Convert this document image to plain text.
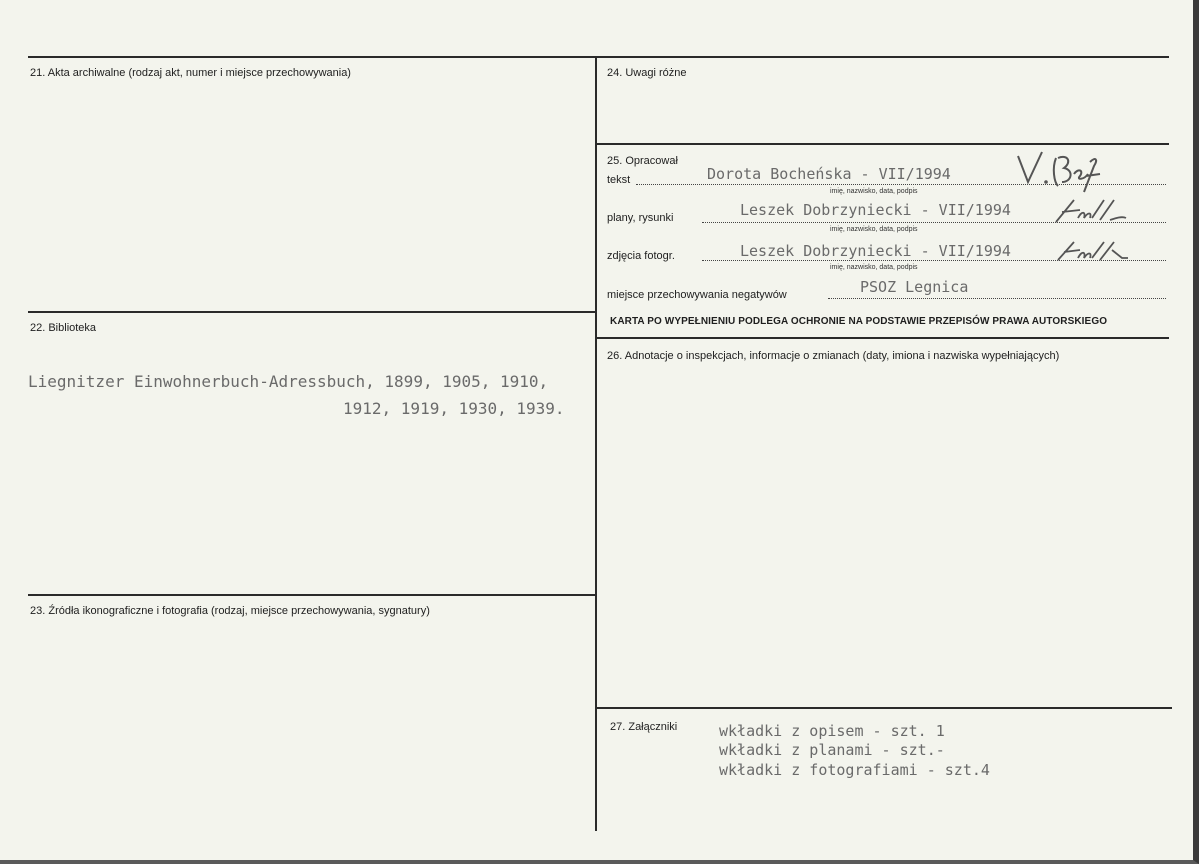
21. Akta archiwalne (rodzaj akt, numer i miejsce przechowywania)
22. Biblioteka
Liegnitzer Einwohnerbuch-Adressbuch, 1899, 1905, 1910,
1912, 1919, 1930, 1939.
23. Źródła ikonograficzne i fotografia (rodzaj, miejsce przechowywania, sygnatury)
24. Uwagi różne
25. Opracował
tekst	Dorota Bocheńska - VII/1994
imię, nazwisko, data, podpis
plany, rysunki	Leszek Dobrzyniecki - VII/1994
imię, nazwisko, data, podpis
zdjęcia fotogr.	Leszek Dobrzyniecki - VII/1994
imię, nazwisko, data, podpis
miejsce przechowywania negatywów	PSOZ Legnica
KARTA PO WYPEŁNIENIU PODLEGA OCHRONIE NA PODSTAWIE PRZEPISÓW PRAWA AUTORSKIEGO
26. Adnotacje o inspekcjach, informacje o zmianach (daty, imiona i nazwiska wypełniających)
27. Załączniki	wkładki z opisem - szt. 1
wkładki z planami - szt.-
wkładki z fotografiami - szt.4
